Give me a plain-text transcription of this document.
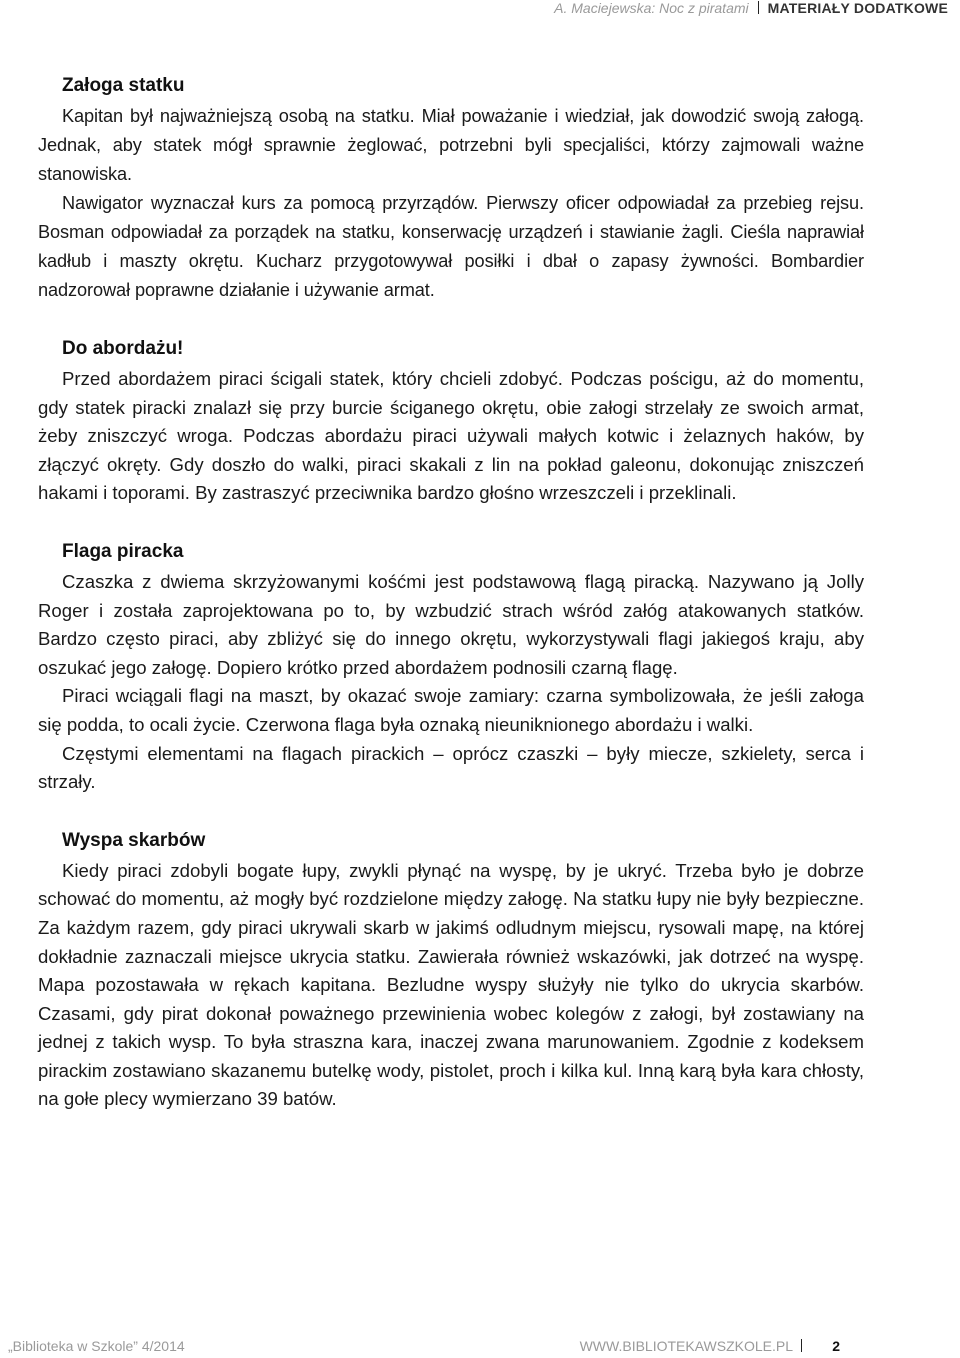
A. Maciejewska: Noc z piratami MATERIAŁY DODATKOWE
Załoga statku

Kapitan był najważniejszą osobą na statku. Miał poważanie i wiedział, jak dowodzić swoją załogą. Jednak, aby statek mógł sprawnie żeglować, potrzebni byli specjaliści, którzy zajmowali ważne stanowiska.

Nawigator wyznaczał kurs za pomocą przyrządów. Pierwszy oficer odpowiadał za przebieg rejsu. Bosman odpowiadał za porządek na statku, konserwację urządzeń i stawianie żagli. Cieśla naprawiał kadłub i maszty okrętu. Kucharz przygotowywał posiłki i dbał o zapasy żywności. Bombardier nadzorował poprawne działanie i używanie armat.

Do abordażu!

Przed abordażem piraci ścigali statek, który chcieli zdobyć. Podczas pościgu, aż do momentu, gdy statek piracki znalazł się przy burcie ściganego okrętu, obie załogi strzelały ze swoich armat, żeby zniszczyć wroga. Podczas abordażu piraci używali małych kotwic i żelaznych haków, by złączyć okręty. Gdy doszło do walki, piraci skakali z lin na pokład galeonu, dokonując zniszczeń hakami i toporami. By zastraszyć przeciwnika bardzo głośno wrzeszczeli i przeklinali.

Flaga piracka

Czaszka z dwiema skrzyżowanymi kośćmi jest podstawową flagą piracką. Nazywano ją Jolly Roger i została zaprojektowana po to, by wzbudzić strach wśród załóg atakowanych statków. Bardzo często piraci, aby zbliżyć się do innego okrętu, wykorzystywali flagi jakiegoś kraju, aby oszukać jego załogę. Dopiero krótko przed abordażem podnosili czarną flagę.

Piraci wciągali flagi na maszt, by okazać swoje zamiary: czarna symbolizowała, że jeśli załoga się podda, to ocali życie. Czerwona flaga była oznaką nieuniknionego abordażu i walki.

Częstymi elementami na flagach pirackich – oprócz czaszki – były miecze, szkielety, serca i strzały.

Wyspa skarbów

Kiedy piraci zdobyli bogate łupy, zwykli płynąć na wyspę, by je ukryć. Trzeba było je dobrze schować do momentu, aż mogły być rozdzielone między załogę. Na statku łupy nie były bezpieczne. Za każdym razem, gdy piraci ukrywali skarb w jakimś odludnym miejscu, rysowali mapę, na której dokładnie zaznaczali miejsce ukrycia statku. Zawierała również wskazówki, jak dotrzeć na wyspę. Mapa pozostawała w rękach kapitana. Bezludne wyspy służyły nie tylko do ukrycia skarbów. Czasami, gdy pirat dokonał poważnego przewinienia wobec kolegów z załogi, był zostawiany na jednej z takich wysp. To była straszna kara, inaczej zwana marunowaniem. Zgodnie z kodeksem pirackim zostawiano skazanemu butelkę wody, pistolet, proch i kilka kul. Inną karą była kara chłosty, na gołe plecy wymierzano 39 batów.

„Biblioteka w Szkole” 4/2014	WWW.BIBLIOTEKAWSZKOLE.PL	2
